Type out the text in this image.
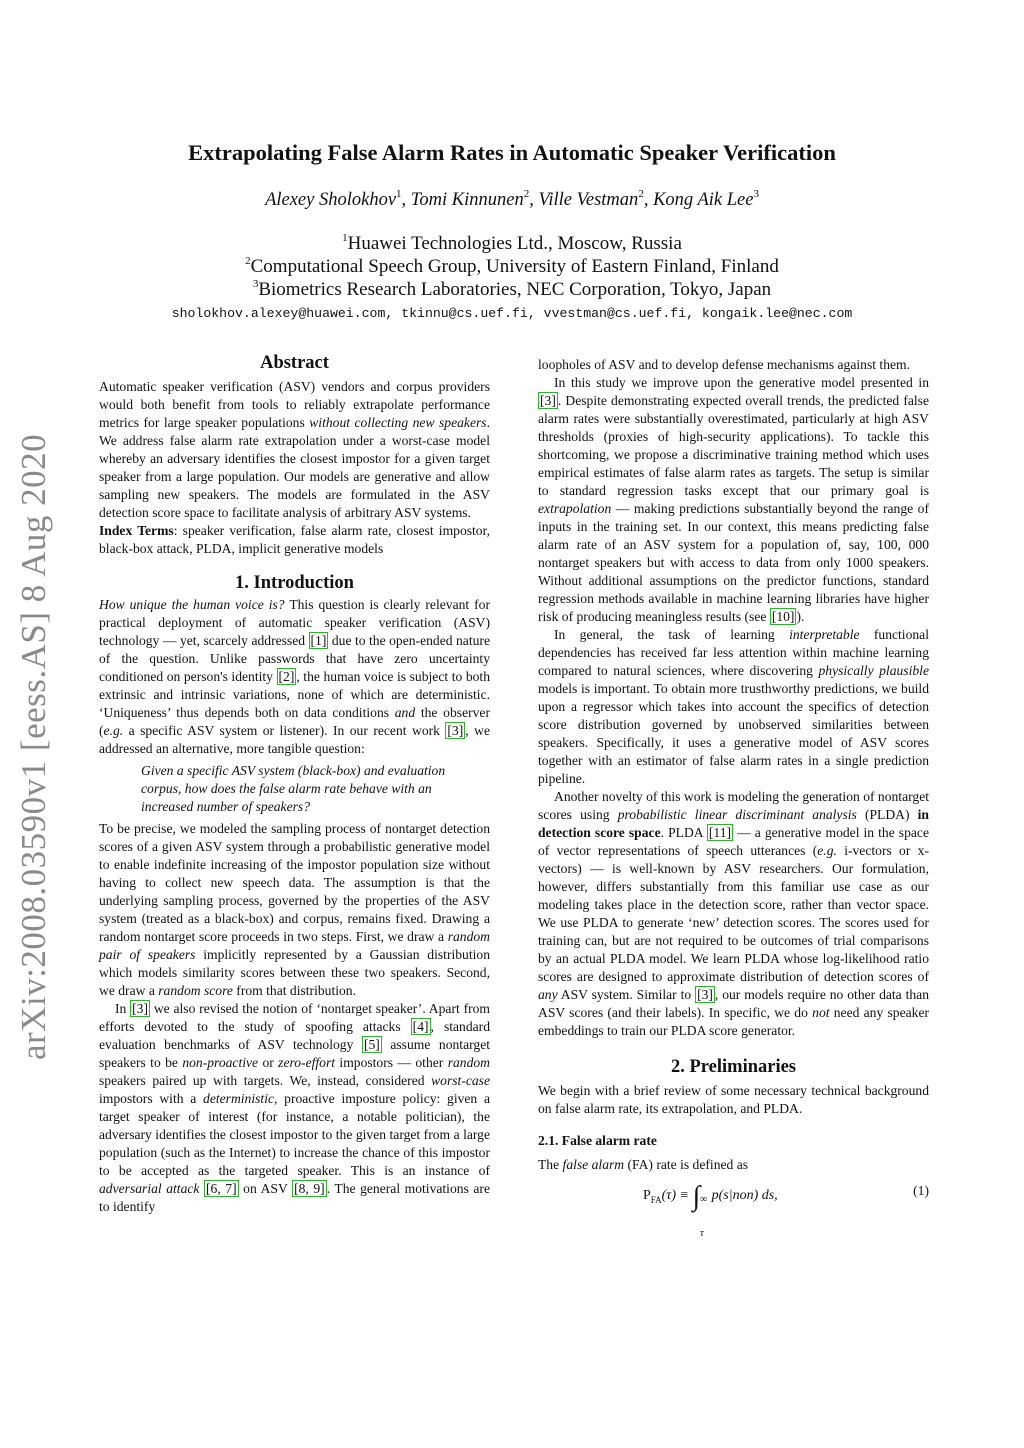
arXiv:2008.03590v1 [eess.AS] 8 Aug 2020
Extrapolating False Alarm Rates in Automatic Speaker Verification
Alexey Sholokhov$^1$, Tomi Kinnunen$^2$, Ville Vestman$^2$, Kong Aik Lee$^3$
$^1$Huawei Technologies Ltd., Moscow, Russia
$^2$Computational Speech Group, University of Eastern Finland, Finland
$^3$Biometrics Research Laboratories, NEC Corporation, Tokyo, Japan
sholokhov.alexey@huawei.com, tkinnu@cs.uef.fi, vvestman@cs.uef.fi, kongaik.lee@nec.com
Abstract

Automatic speaker verification (ASV) vendors and corpus providers would both benefit from tools to reliably extrapolate performance metrics for large speaker populations without collecting new speakers. We address false alarm rate extrapolation under a worst-case model whereby an adversary identifies the closest impostor for a given target speaker from a large population. Our models are generative and allow sampling new speakers. The models are formulated in the ASV detection score space to facilitate analysis of arbitrary ASV systems.

Index Terms: speaker verification, false alarm rate, closest impostor, black-box attack, PLDA, implicit generative models

1. Introduction

How unique the human voice is? This question is clearly relevant for practical deployment of automatic speaker verification (ASV) technology — yet, scarcely addressed [1] due to the open-ended nature of the question. Unlike passwords that have zero uncertainty conditioned on person's identity [2] , the human voice is subject to both extrinsic and intrinsic variations, none of which are deterministic. ‘Uniqueness’ thus depends both on data conditions and the observer (e.g. a specific ASV system or listener). In our recent work [3] , we addressed an alternative, more tangible question:

Given a specific ASV system (black-box) and evaluation corpus, how does the false alarm rate behave with an increased number of speakers?

To be precise, we modeled the sampling process of nontarget detection scores of a given ASV system through a probabilistic generative model to enable indefinite increasing of the impostor population size without having to collect new speech data. The assumption is that the underlying sampling process, governed by the properties of the ASV system (treated as a black-box) and corpus, remains fixed. Drawing a random nontarget score proceeds in two steps. First, we draw a random pair of speakers implicitly represented by a Gaussian distribution which models similarity scores between these two speakers. Second, we draw a random score from that distribution.

In [3] we also revised the notion of ‘nontarget speaker’. Apart from efforts devoted to the study of spoofing attacks [4] , standard evaluation benchmarks of ASV technology [5] assume nontarget speakers to be non-proactive or zero-effort impostors — other random speakers paired up with targets. We, instead, considered worst-case impostors with a deterministic, proactive imposture policy: given a target speaker of interest (for instance, a notable politician), the adversary identifies the closest impostor to the given target from a large population (such as the Internet) to increase the chance of this impostor to be accepted as the targeted speaker. This is an instance of adversarial attack [6, 7] on ASV [8, 9] . The general motivations are to identify

loopholes of ASV and to develop defense mechanisms against them.

In this study we improve upon the generative model presented in [3] . Despite demonstrating expected overall trends, the predicted false alarm rates were substantially overestimated, particularly at high ASV thresholds (proxies of high-security applications). To tackle this shortcoming, we propose a discriminative training method which uses empirical estimates of false alarm rates as targets. The setup is similar to standard regression tasks except that our primary goal is extrapolation — making predictions substantially beyond the range of inputs in the training set. In our context, this means predicting false alarm rate of an ASV system for a population of, say, 100, 000 nontarget speakers but with access to data from only 1000 speakers. Without additional assumptions on the predictor functions, standard regression methods available in machine learning libraries have higher risk of producing meaningless results (see [10] ).

In general, the task of learning interpretable functional dependencies has received far less attention within machine learning compared to natural sciences, where discovering physically plausible models is important. To obtain more trusthworthy predictions, we build upon a regressor which takes into account the specifics of detection score distribution governed by unobserved similarities between speakers. Specifically, it uses a generative model of ASV scores together with an estimator of false alarm rates in a single prediction pipeline.

Another novelty of this work is modeling the generation of nontarget scores using probabilistic linear discriminant analysis (PLDA) in detection score space. PLDA [11] — a generative model in the space of vector representations of speech utterances (e.g. i-vectors or x-vectors) — is well-known by ASV researchers. Our formulation, however, differs substantially from this familiar use case as our modeling takes place in the detection score, rather than vector space. We use PLDA to generate ‘new’ detection scores. The scores used for training can, but are not required to be outcomes of trial comparisons by an actual PLDA model. We learn PLDA whose log-likelihood ratio scores are designed to approximate distribution of detection scores of any ASV system. Similar to [3] , our models require no other data than ASV scores (and their labels). In specific, we do not need any speaker embeddings to train our PLDA score generator.

2. Preliminaries

We begin with a brief review of some necessary technical background on false alarm rate, its extrapolation, and PLDA.

2.1. False alarm rate

The false alarm (FA) rate is defined as

$P_{FA}(\tau)$ ≡ ∫ ∞
τ
p(s|non) ds,	(1)
